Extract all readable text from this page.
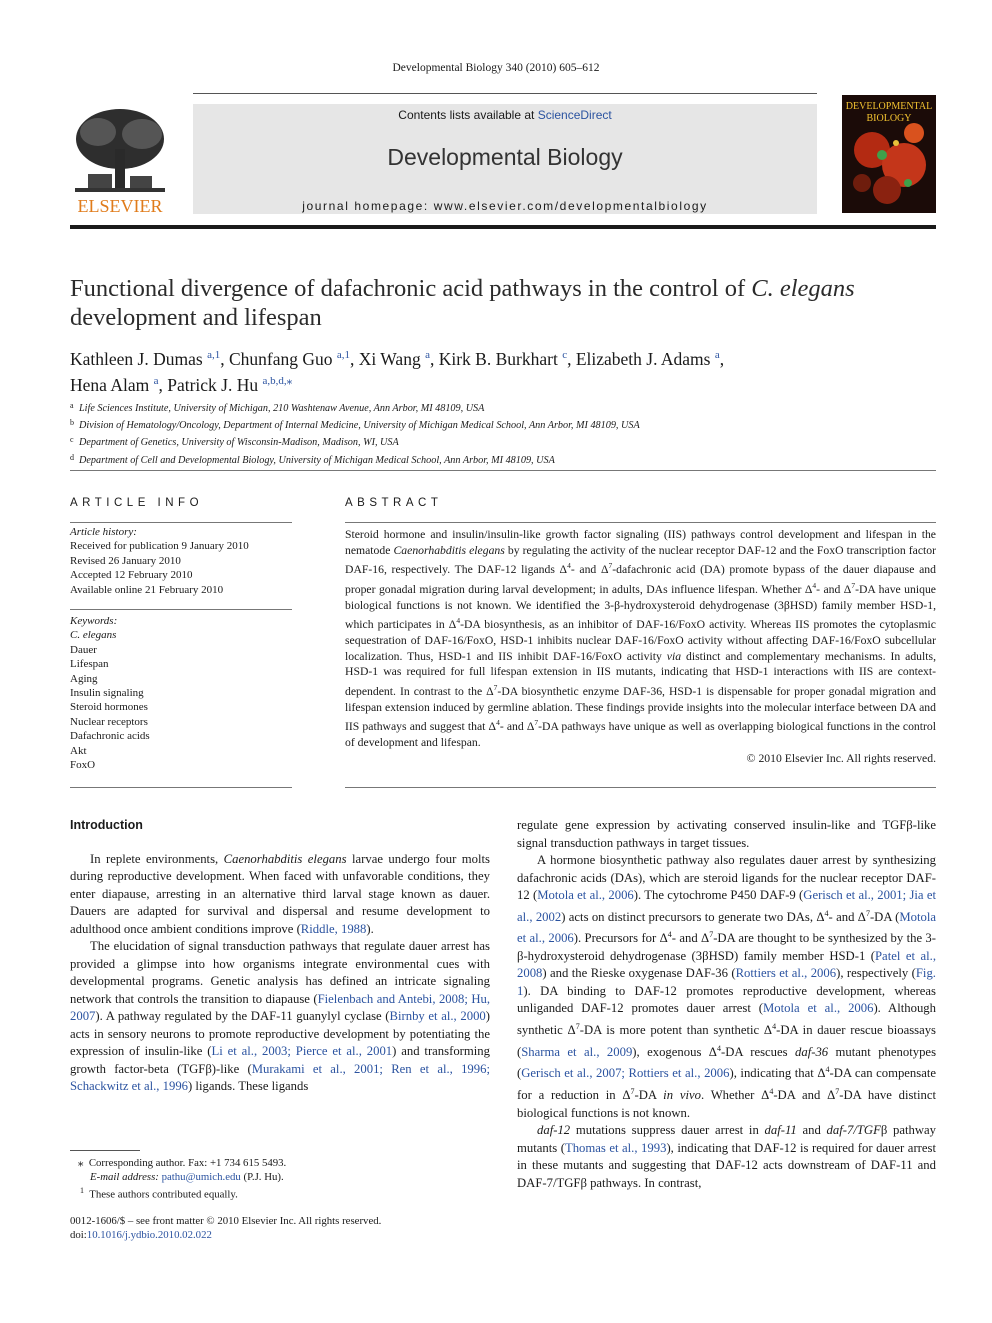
Developmental Biology 340 (2010) 605–612
ELSEVIER
Contents lists available at ScienceDirect
Developmental Biology
journal homepage: www.elsevier.com/developmentalbiology
DEVELOPMENTAL
BIOLOGY
Functional divergence of dafachronic acid pathways in the control of C. elegans
development and lifespan
Kathleen J. Dumas $^{a,1}$, Chunfang Guo $^{a,1}$, Xi Wang $^a$, Kirk B. Burkhart $^c$, Elizabeth J. Adams $^a$,
Hena Alam $^a$, Patrick J. Hu $^{a,b,d,⁎}$
a Life Sciences Institute, University of Michigan, 210 Washtenaw Avenue, Ann Arbor, MI 48109, USA
b Division of Hematology/Oncology, Department of Internal Medicine, University of Michigan Medical School, Ann Arbor, MI 48109, USA
c Department of Genetics, University of Wisconsin-Madison, Madison, WI, USA
d Department of Cell and Developmental Biology, University of Michigan Medical School, Ann Arbor, MI 48109, USA
ARTICLE INFO
Article history:
Received for publication 9 January 2010
Revised 26 January 2010
Accepted 12 February 2010
Available online 21 February 2010
Keywords:
C. elegans
Dauer
Lifespan
Aging
Insulin signaling
Steroid hormones
Nuclear receptors
Dafachronic acids
Akt
FoxO
ABSTRACT
Steroid hormone and insulin/insulin-like growth factor signaling (IIS) pathways control development and lifespan in the nematode Caenorhabditis elegans by regulating the activity of the nuclear receptor DAF-12 and the FoxO transcription factor DAF-16, respectively. The DAF-12 ligands $\Delta^4-$ and $\Delta^7$-dafachronic acid (DA) promote bypass of the dauer diapause and proper gonadal migration during larval development; in adults, DAs influence lifespan. Whether $\Delta^4-$ and $\Delta^7-DA$ have unique biological functions is not known. We identified the 3-β-hydroxysteroid dehydrogenase (3βHSD) family member HSD-1, which participates in $\Delta^4-DA$ biosynthesis, as an inhibitor of DAF-16/FoxO activity. Whereas IIS promotes the cytoplasmic sequestration of DAF-16/FoxO, HSD-1 inhibits nuclear DAF-16/FoxO activity without affecting DAF-16/FoxO subcellular localization. Thus, HSD-1 and IIS inhibit DAF-16/FoxO activity via distinct and complementary mechanisms. In adults, HSD-1 was required for full lifespan extension in IIS mutants, indicating that HSD-1 interactions with IIS are context-dependent. In contrast to the $\Delta^7-DA$ biosynthetic enzyme DAF-36, HSD-1 is dispensable for proper gonadal migration and lifespan extension induced by germline ablation. These findings provide insights into the molecular interface between DA and IIS pathways and suggest that $\Delta^4-$ and $\Delta^7-DA$ pathways have unique as well as overlapping biological functions in the control of development and lifespan.
© 2010 Elsevier Inc. All rights reserved.
Introduction

In replete environments, Caenorhabditis elegans larvae undergo four molts during reproductive development. When faced with unfavorable conditions, they enter diapause, arresting in an alternative third larval stage known as dauer. Dauers are adapted for survival and dispersal and resume development to adulthood once ambient conditions improve (Riddle, 1988).

The elucidation of signal transduction pathways that regulate dauer arrest has provided a glimpse into how organisms integrate environmental cues with developmental programs. Genetic analysis has defined an intricate signaling network that controls the transition to diapause (Fielenbach and Antebi, 2008; Hu, 2007). A pathway regulated by the DAF-11 guanylyl cyclase (Birnby et al., 2000) acts in sensory neurons to promote reproductive development by potentiating the expression of insulin-like (Li et al., 2003; Pierce et al., 2001) and transforming growth factor-beta (TGFβ)-like (Murakami et al., 2001; Ren et al., 1996; Schackwitz et al., 1996) ligands. These ligands

⁎ Corresponding author. Fax: +1 734 615 5493.
E-mail address: pathu@umich.edu (P.J. Hu).
$^1$ These authors contributed equally.
0012-1606/$ – see front matter © 2010 Elsevier Inc. All rights reserved.
doi:10.1016/j.ydbio.2010.02.022

regulate gene expression by activating conserved insulin-like and TGFβ-like signal transduction pathways in target tissues.

A hormone biosynthetic pathway also regulates dauer arrest by synthesizing dafachronic acids (DAs), which are steroid ligands for the nuclear receptor DAF-12 (Motola et al., 2006). The cytochrome P450 DAF-9 (Gerisch et al., 2001; Jia et al., 2002) acts on distinct precursors to generate two DAs, $\Delta^4-$ and $\Delta^7-DA$ (Motola et al., 2006). Precursors for $\Delta^4-$ and $\Delta^7-DA$ are thought to be synthesized by the 3-β-hydroxysteroid dehydrogenase (3βHSD) family member HSD-1 (Patel et al., 2008) and the Rieske oxygenase DAF-36 (Rottiers et al., 2006), respectively (Fig. 1). DA binding to DAF-12 promotes reproductive development, whereas unliganded DAF-12 promotes dauer arrest (Motola et al., 2006). Although synthetic $\Delta^7-DA$ is more potent than synthetic $\Delta^4-DA$ in dauer rescue bioassays (Sharma et al., 2009), exogenous $\Delta^4-DA$ rescues daf-36 mutant phenotypes (Gerisch et al., 2007; Rottiers et al., 2006), indicating that $\Delta^4-DA$ can compensate for a reduction in $\Delta^7-DA$ in vivo. Whether $\Delta^4-DA$ and $\Delta^7-DA$ have distinct biological functions is not known.

daf-12 mutations suppress dauer arrest in daf-11 and daf-7/TGFβ pathway mutants (Thomas et al., 1993), indicating that DAF-12 is required for dauer arrest in these mutants and suggesting that DAF-12 acts downstream of DAF-11 and DAF-7/TGFβ pathways. In contrast,
